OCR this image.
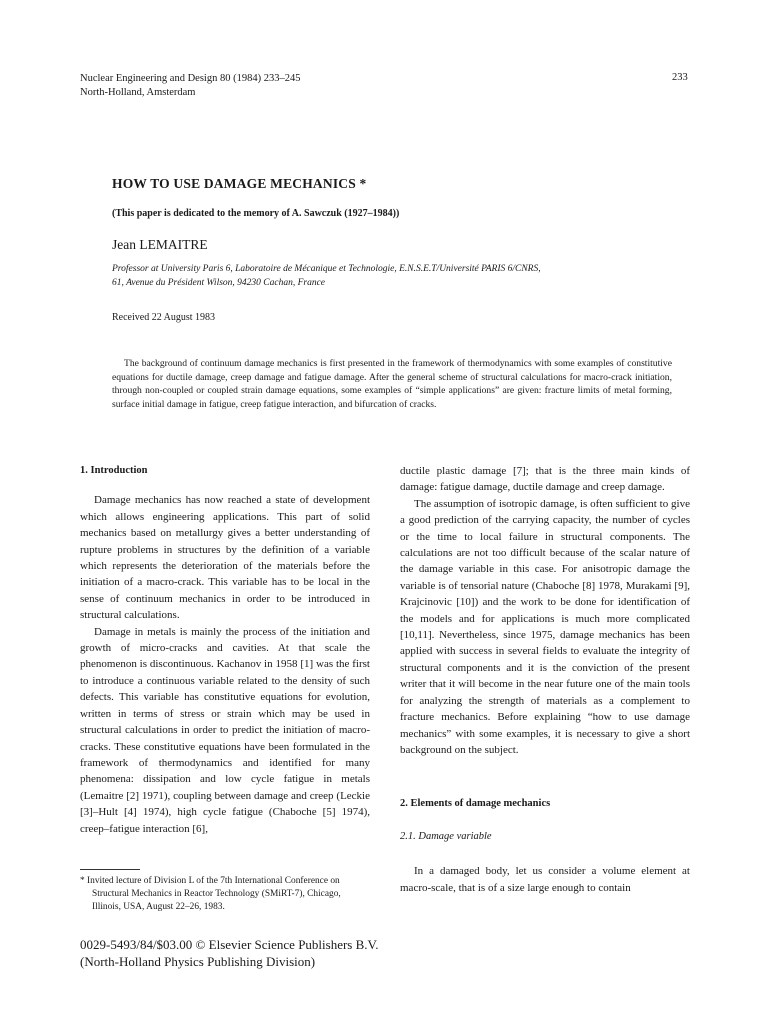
Nuclear Engineering and Design 80 (1984) 233–245
North-Holland, Amsterdam
233
HOW TO USE DAMAGE MECHANICS *
(This paper is dedicated to the memory of A. Sawczuk (1927–1984))
Jean LEMAITRE
Professor at University Paris 6, Laboratoire de Mécanique et Technologie, E.N.S.E.T/Université PARIS 6/CNRS,
61, Avenue du Président Wilson, 94230 Cachan, France
Received 22 August 1983

The background of continuum damage mechanics is first presented in the framework of thermodynamics with some examples of constitutive equations for ductile damage, creep damage and fatigue damage. After the general scheme of structural calculations for macro-crack initiation, through non-coupled or coupled strain damage equations, some examples of “simple applications” are given: fracture limits of metal forming, surface initial damage in fatigue, creep fatigue interaction, and bifurcation of cracks.

1. Introduction

Damage mechanics has now reached a state of development which allows engineering applications. This part of solid mechanics based on metallurgy gives a better understanding of rupture problems in structures by the definition of a variable which represents the deterioration of the materials before the initiation of a macro-crack. This variable has to be local in the sense of continuum mechanics in order to be introduced in structural calculations.

Damage in metals is mainly the process of the initiation and growth of micro-cracks and cavities. At that scale the phenomenon is discontinuous. Kachanov in 1958 [1] was the first to introduce a continuous variable related to the density of such defects. This variable has constitutive equations for evolution, written in terms of stress or strain which may be used in structural calculations in order to predict the initiation of macro-cracks. These constitutive equations have been formulated in the framework of thermodynamics and identified for many phenomena: dissipation and low cycle fatigue in metals (Lemaitre [2] 1971), coupling between damage and creep (Leckie [3]–Hult [4] 1974), high cycle fatigue (Chaboche [5] 1974), creep–fatigue interaction [6],

* Invited lecture of Division L of the 7th International Conference on Structural Mechanics in Reactor Technology (SMiRT-7), Chicago, Illinois, USA, August 22–26, 1983.

ductile plastic damage [7]; that is the three main kinds of damage: fatigue damage, ductile damage and creep damage.

The assumption of isotropic damage, is often sufficient to give a good prediction of the carrying capacity, the number of cycles or the time to local failure in structural components. The calculations are not too difficult because of the scalar nature of the damage variable in this case. For anisotropic damage the variable is of tensorial nature (Chaboche [8] 1978, Murakami [9], Krajcinovic [10]) and the work to be done for identification of the models and for applications is much more complicated [10,11]. Nevertheless, since 1975, damage mechanics has been applied with success in several fields to evaluate the integrity of structural components and it is the conviction of the present writer that it will become in the near future one of the main tools for analyzing the strength of materials as a complement to fracture mechanics. Before explaining “how to use damage mechanics” with some examples, it is necessary to give a short background on the subject.

2. Elements of damage mechanics
2.1. Damage variable

In a damaged body, let us consider a volume element at macro-scale, that is of a size large enough to contain

0029-5493/84/$03.00 © Elsevier Science Publishers B.V.
(North-Holland Physics Publishing Division)
